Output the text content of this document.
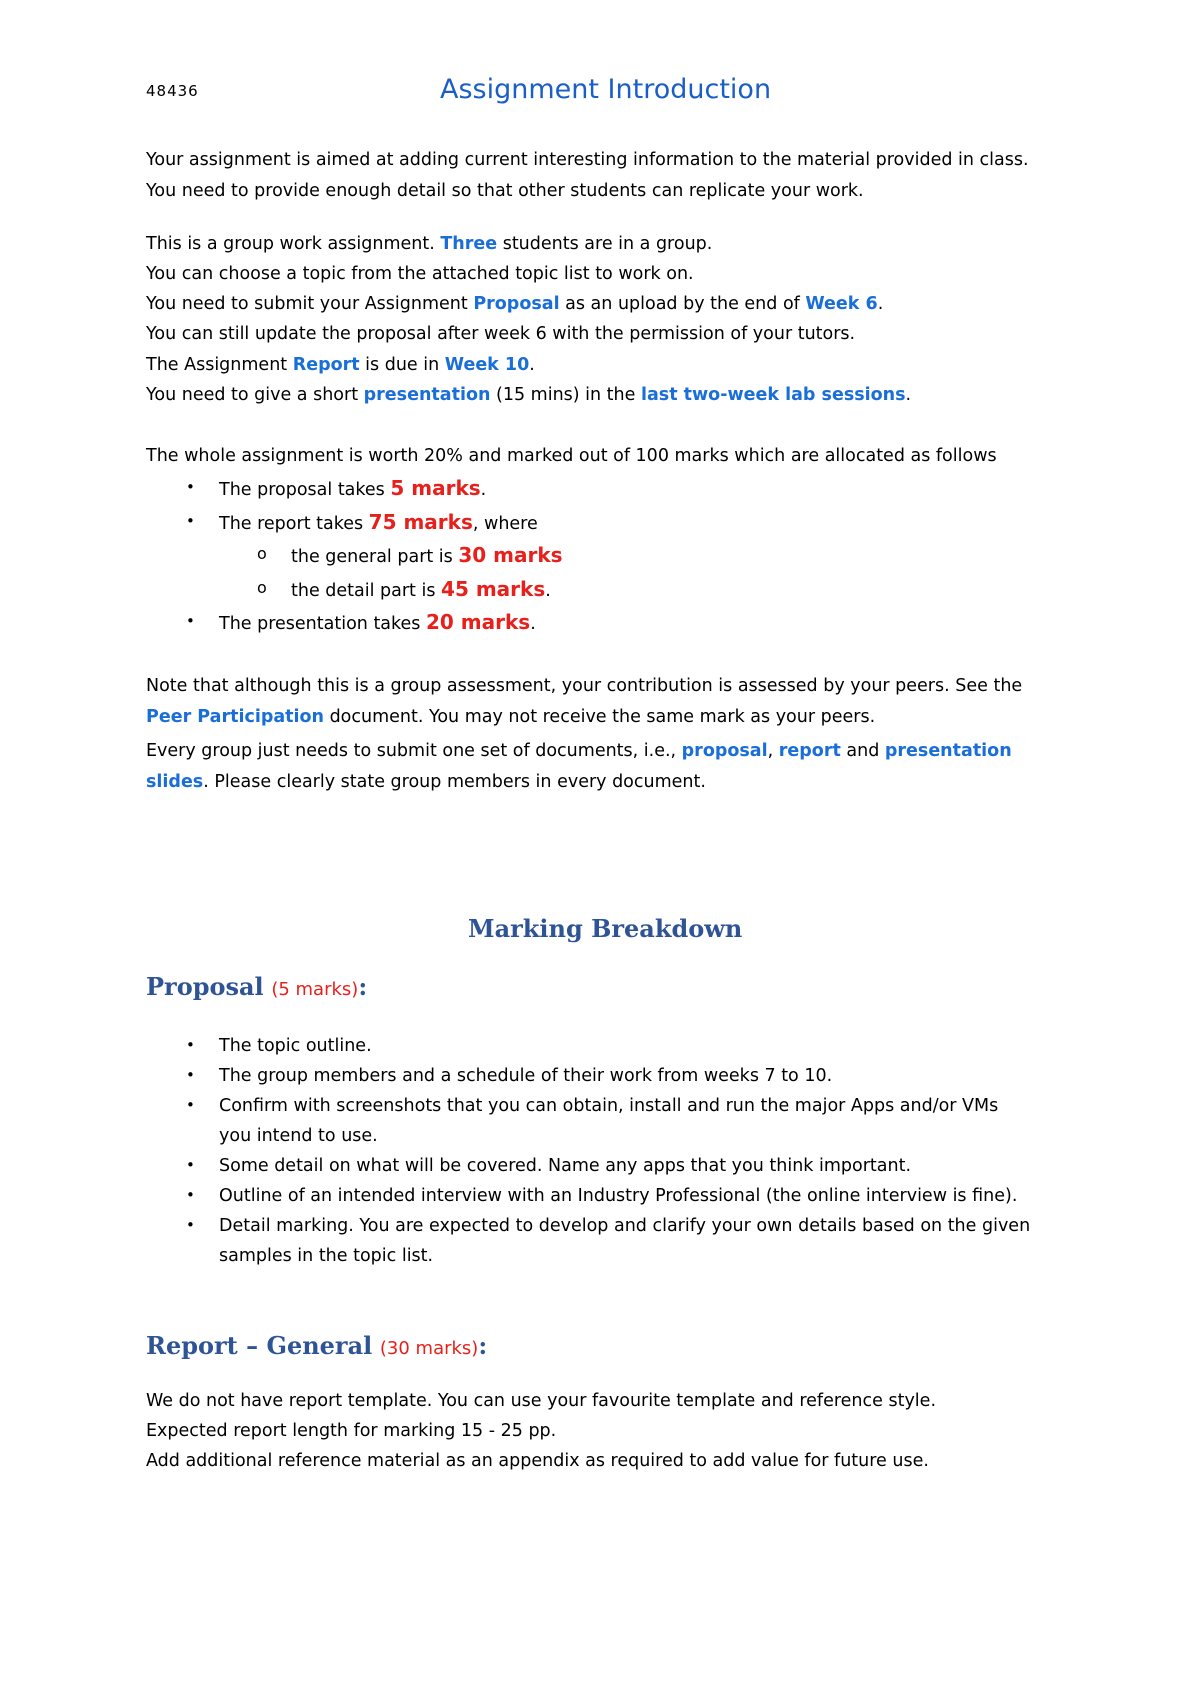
48436	Assignment Introduction
Your assignment is aimed at adding current interesting information to the material provided in class.
You need to provide enough detail so that other students can replicate your work.
This is a group work assignment. Three students are in a group.
You can choose a topic from the attached topic list to work on.
You need to submit your Assignment Proposal as an upload by the end of Week 6.
You can still update the proposal after week 6 with the permission of your tutors.
The Assignment Report is due in Week 10.
You need to give a short presentation (15 mins) in the last two-week lab sessions.
The whole assignment is worth 20% and marked out of 100 marks which are allocated as follows
• The proposal takes 5 marks.
• The report takes 75 marks, where
o the general part is 30 marks
o the detail part is 45 marks.
• The presentation takes 20 marks.
Note that although this is a group assessment, your contribution is assessed by your peers. See the
Peer Participation document. You may not receive the same mark as your peers.
Every group just needs to submit one set of documents, i.e., proposal, report and presentation
slides. Please clearly state group members in every document.
Marking Breakdown
Proposal (5 marks):
• The topic outline.
• The group members and a schedule of their work from weeks 7 to 10.
• Confirm with screenshots that you can obtain, install and run the major Apps and/or VMs
you intend to use.
• Some detail on what will be covered. Name any apps that you think important.
• Outline of an intended interview with an Industry Professional (the online interview is fine).
• Detail marking. You are expected to develop and clarify your own details based on the given
samples in the topic list.
Report – General (30 marks):
We do not have report template. You can use your favourite template and reference style.
Expected report length for marking 15 - 25 pp.
Add additional reference material as an appendix as required to add value for future use.
